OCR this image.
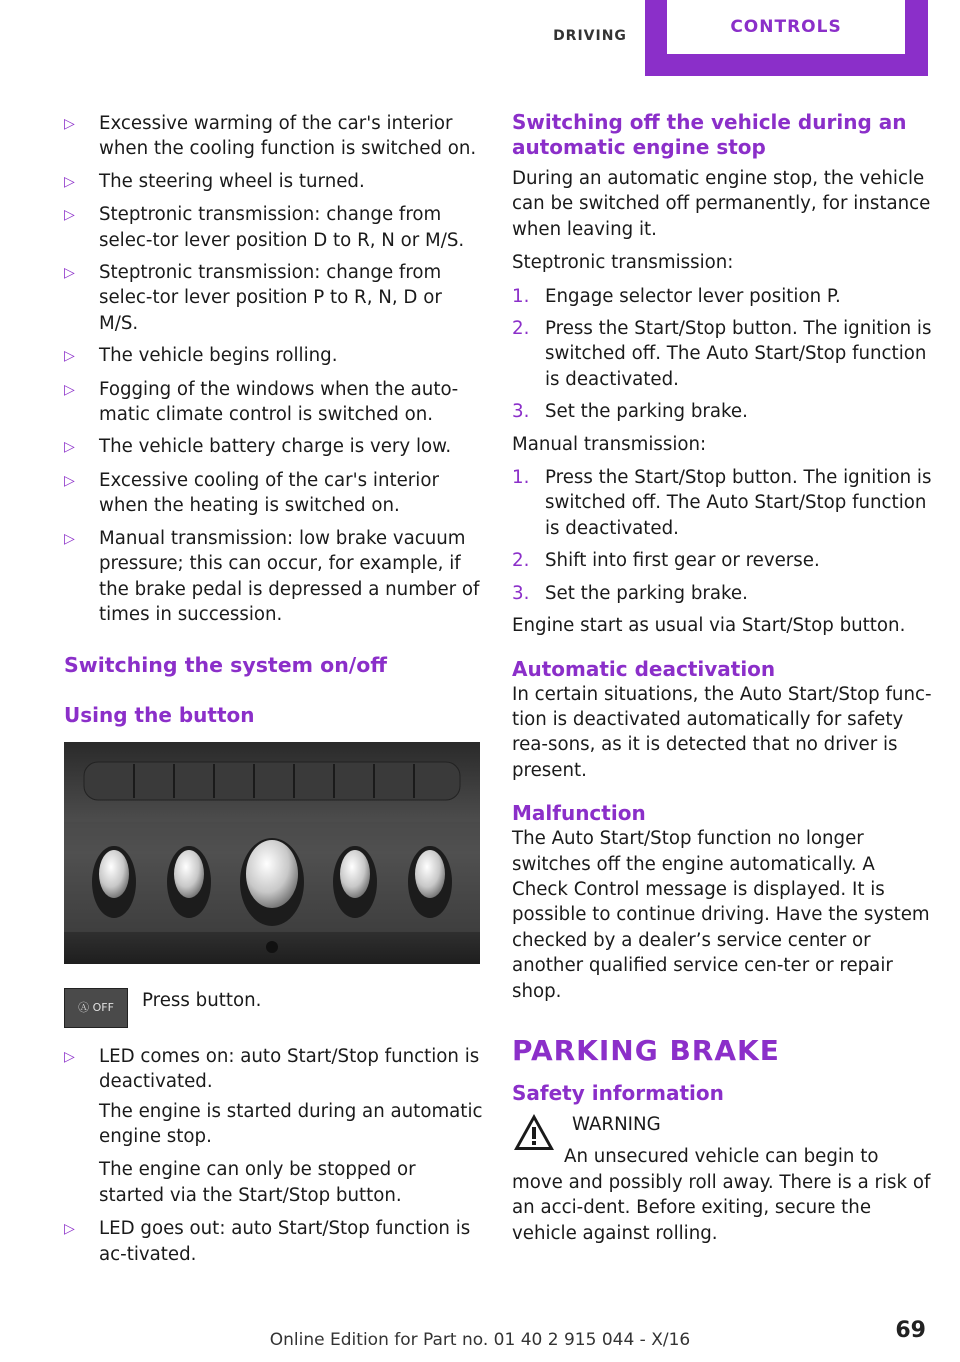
DRIVING	CONTROLS
▷	Excessive warming of the car's interior when the cooling function is switched on.
▷	The steering wheel is turned.
▷	Steptronic transmission: change from selec‐tor lever position D to R, N or M/S.
▷	Steptronic transmission: change from selec‐tor lever position P to R, N, D or M/S.
▷	The vehicle begins rolling.
▷	Fogging of the windows when the auto‐matic climate control is switched on.
▷	The vehicle battery charge is very low.
▷	Excessive cooling of the car's interior when the heating is switched on.
▷	Manual transmission: low brake vacuum pressure; this can occur, for example, if the brake pedal is depressed a number of times in succession.
Switching the system on/off
Using the button
Ⓐ OFF	Press button.
▷	LED comes on: auto Start/Stop function is deactivated.

The engine is started during an automatic engine stop.

The engine can only be stopped or started via the Start/Stop button.

▷	LED goes out: auto Start/Stop function is ac‐tivated.
Switching off the vehicle during an automatic engine stop

During an automatic engine stop, the vehicle can be switched off permanently, for instance when leaving it.

Steptronic transmission:

1. Engage selector lever position P.
2. Press the Start/Stop button. The ignition is switched off. The Auto Start/Stop function is deactivated.
3. Set the parking brake.

Manual transmission:

1. Press the Start/Stop button. The ignition is switched off. The Auto Start/Stop function is deactivated.
2. Shift into first gear or reverse.
3. Set the parking brake.

Engine start as usual via Start/Stop button.

Automatic deactivation

In certain situations, the Auto Start/Stop func‐tion is deactivated automatically for safety rea‐sons, as it is detected that no driver is present.

Malfunction

The Auto Start/Stop function no longer switches off the engine automatically. A Check Control message is displayed. It is possible to continue driving. Have the system checked by a dealer’s service center or another qualified service cen‐ter or repair shop.

PARKING BRAKE
Safety information
WARNING

An unsecured vehicle can begin to move and possibly roll away. There is a risk of an acci‐dent. Before exiting, secure the vehicle against rolling.

Online Edition for Part no. 01 40 2 915 044 - X/16	69
